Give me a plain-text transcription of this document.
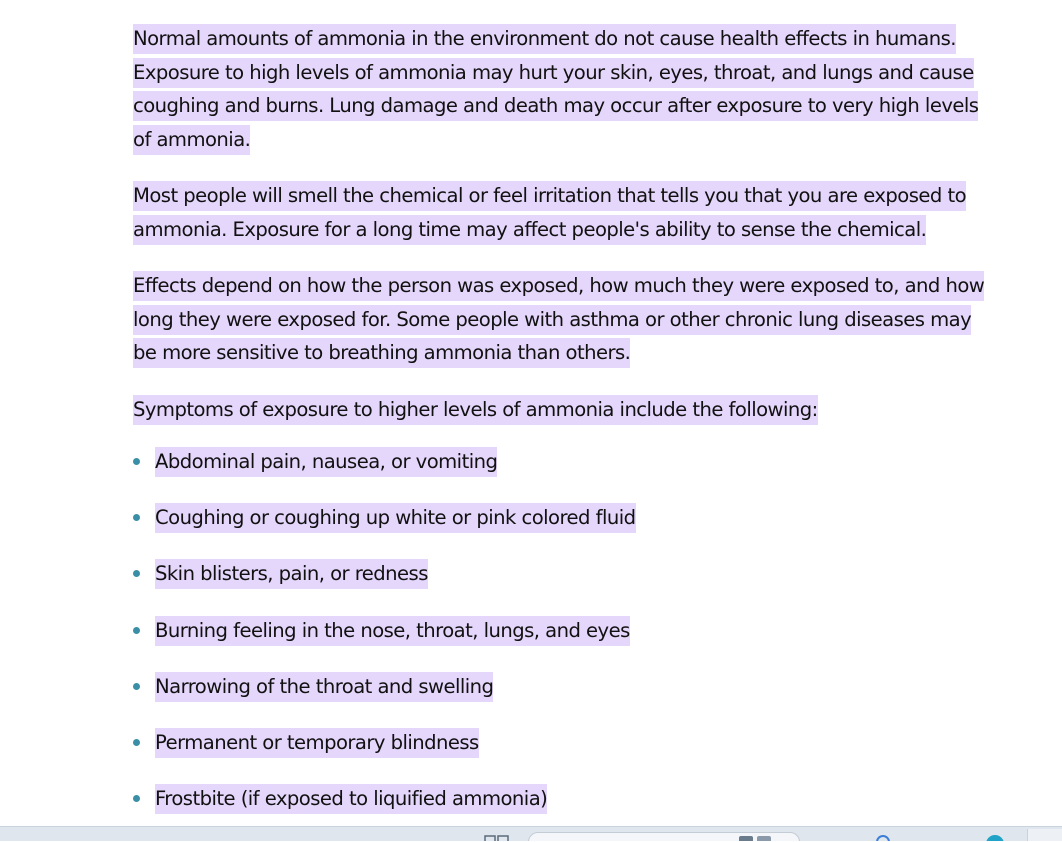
Normal amounts of ammonia in the environment do not cause health effects in humans.
Exposure to high levels of ammonia may hurt your skin, eyes, throat, and lungs and cause
coughing and burns. Lung damage and death may occur after exposure to very high levels
of ammonia.

Most people will smell the chemical or feel irritation that tells you that you are exposed to
ammonia. Exposure for a long time may affect people's ability to sense the chemical.

Effects depend on how the person was exposed, how much they were exposed to, and how
long they were exposed for. Some people with asthma or other chronic lung diseases may
be more sensitive to breathing ammonia than others.

Symptoms of exposure to higher levels of ammonia include the following:

Abdominal pain, nausea, or vomiting
Coughing or coughing up white or pink colored fluid
Skin blisters, pain, or redness
Burning feeling in the nose, throat, lungs, and eyes
Narrowing of the throat and swelling
Permanent or temporary blindness
Frostbite (if exposed to liquified ammonia)
